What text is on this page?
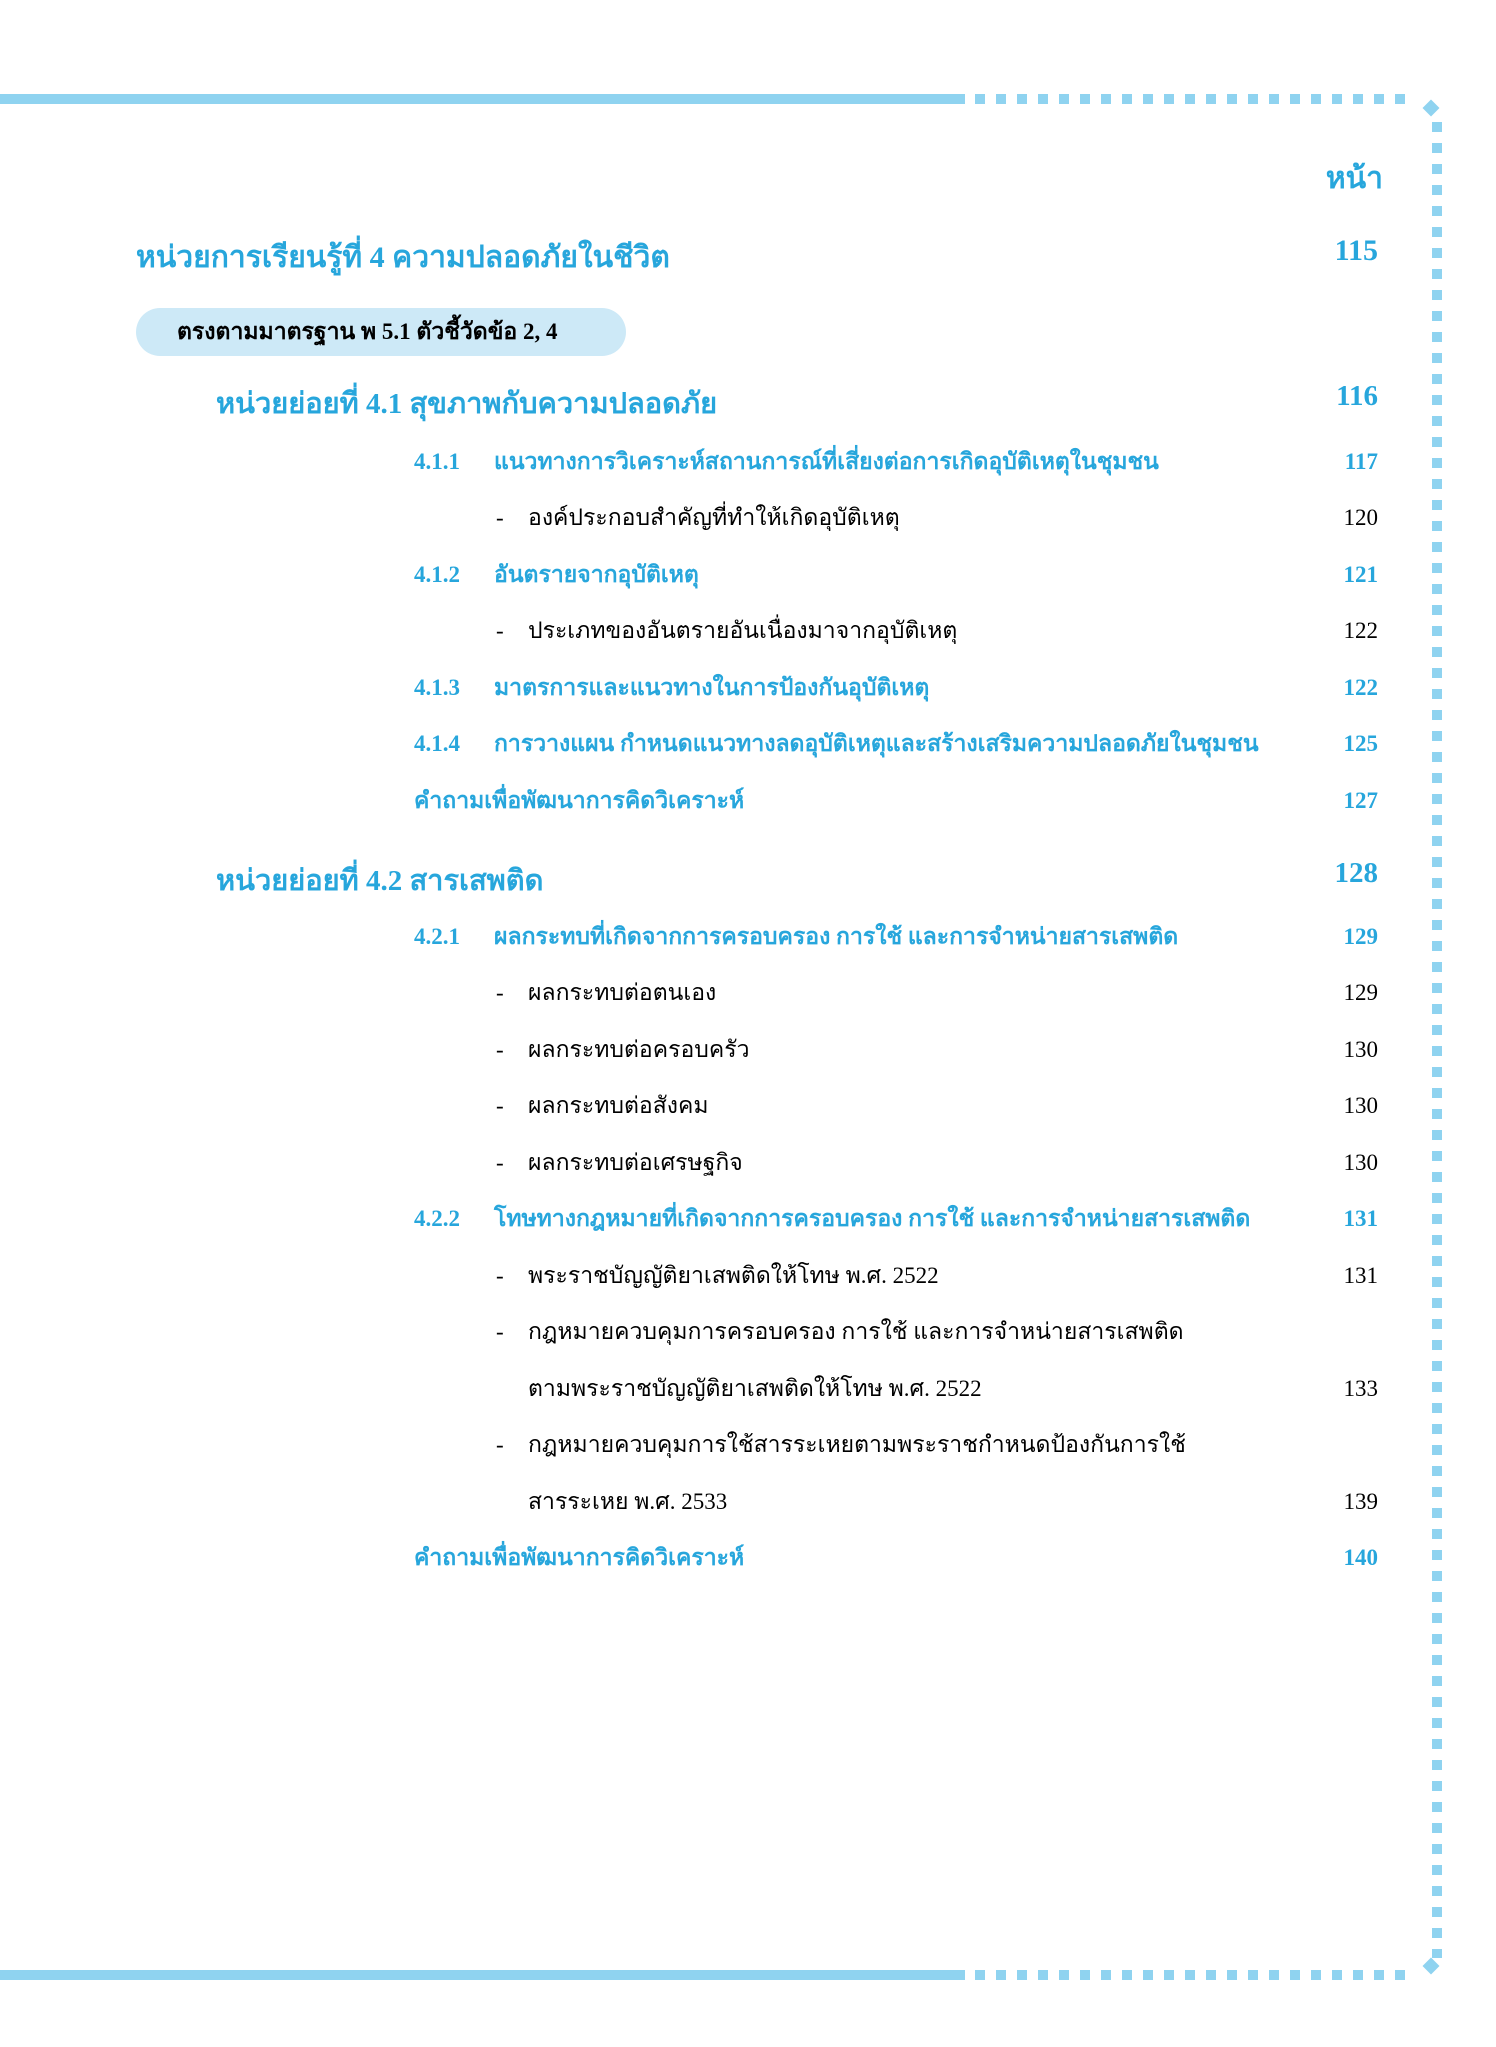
หน้า
หน่วยการเรียนรู้ที่ 4 ความปลอดภัยในชีวิต	115
ตรงตามมาตรฐาน พ 5.1 ตัวชี้วัดข้อ 2, 4
หน่วยย่อยที่ 4.1 สุขภาพกับความปลอดภัย	116
4.1.1 แนวทางการวิเคราะห์สถานการณ์ที่เสี่ยงต่อการเกิดอุบัติเหตุในชุมชน	117
- องค์ประกอบสำคัญที่ทำให้เกิดอุบัติเหตุ	120
4.1.2 อันตรายจากอุบัติเหตุ	121
- ประเภทของอันตรายอันเนื่องมาจากอุบัติเหตุ	122
4.1.3 มาตรการและแนวทางในการป้องกันอุบัติเหตุ	122
4.1.4 การวางแผน กำหนดแนวทางลดอุบัติเหตุและสร้างเสริมความปลอดภัยในชุมชน	125
คำถามเพื่อพัฒนาการคิดวิเคราะห์	127
หน่วยย่อยที่ 4.2 สารเสพติด	128
4.2.1 ผลกระทบที่เกิดจากการครอบครอง การใช้ และการจำหน่ายสารเสพติด	129
- ผลกระทบต่อตนเอง	129
- ผลกระทบต่อครอบครัว	130
- ผลกระทบต่อสังคม	130
- ผลกระทบต่อเศรษฐกิจ	130
4.2.2 โทษทางกฎหมายที่เกิดจากการครอบครอง การใช้ และการจำหน่ายสารเสพติด	131
- พระราชบัญญัติยาเสพติดให้โทษ พ.ศ. 2522	131
- กฎหมายควบคุมการครอบครอง การใช้ และการจำหน่ายสารเสพติด
ตามพระราชบัญญัติยาเสพติดให้โทษ พ.ศ. 2522	133
- กฎหมายควบคุมการใช้สารระเหยตามพระราชกำหนดป้องกันการใช้
สารระเหย พ.ศ. 2533	139
คำถามเพื่อพัฒนาการคิดวิเคราะห์	140
